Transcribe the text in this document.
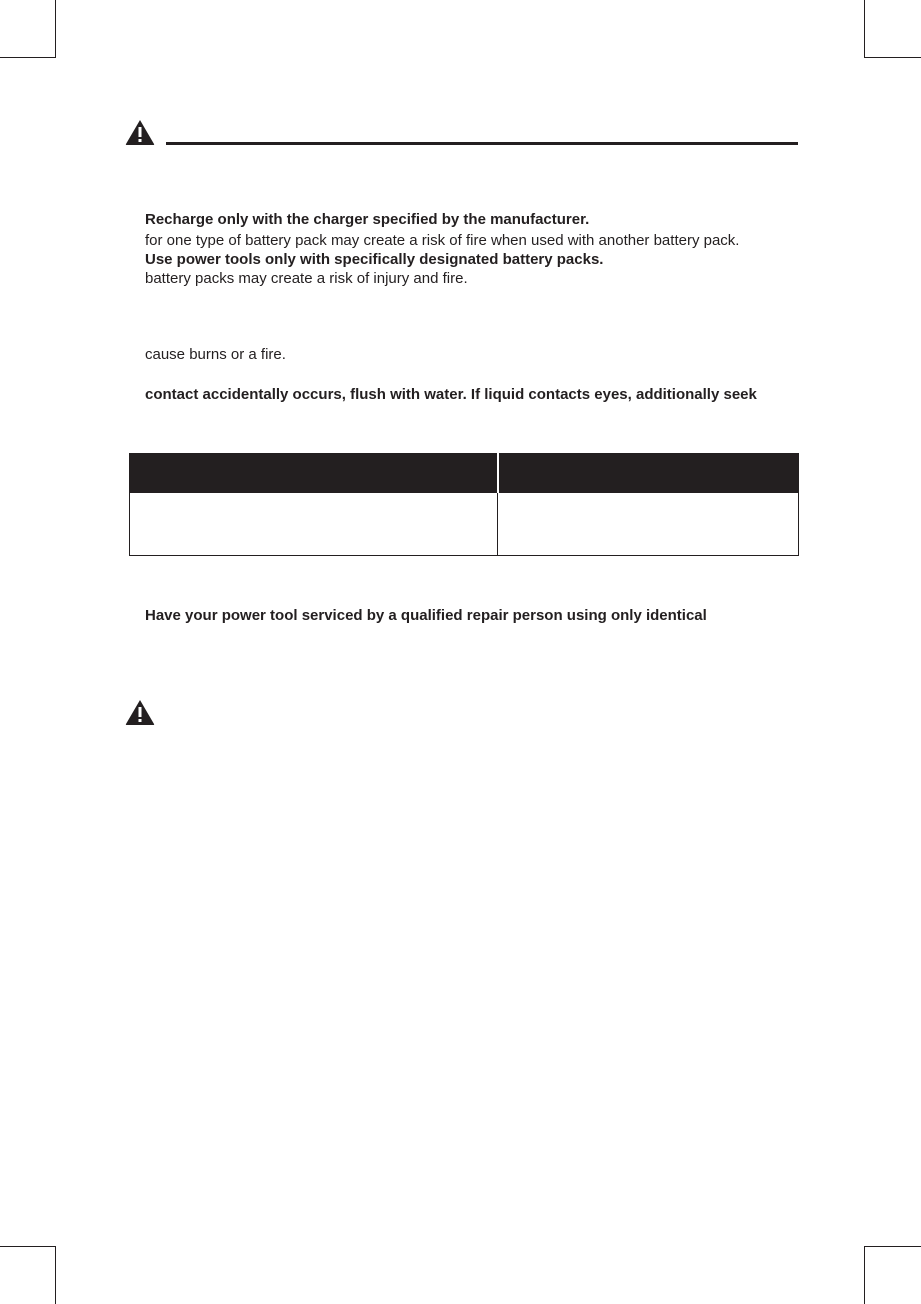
Recharge only with the charger specified by the manufacturer.
for one type of battery pack may create a risk of fire when used with another battery pack.
Use power tools only with specifically designated battery packs.
battery packs may create a risk of injury and fire.
cause burns or a fire.
contact accidentally occurs, flush with water. If liquid contacts eyes, additionally seek
Have your power tool serviced by a qualified repair person using only identical
